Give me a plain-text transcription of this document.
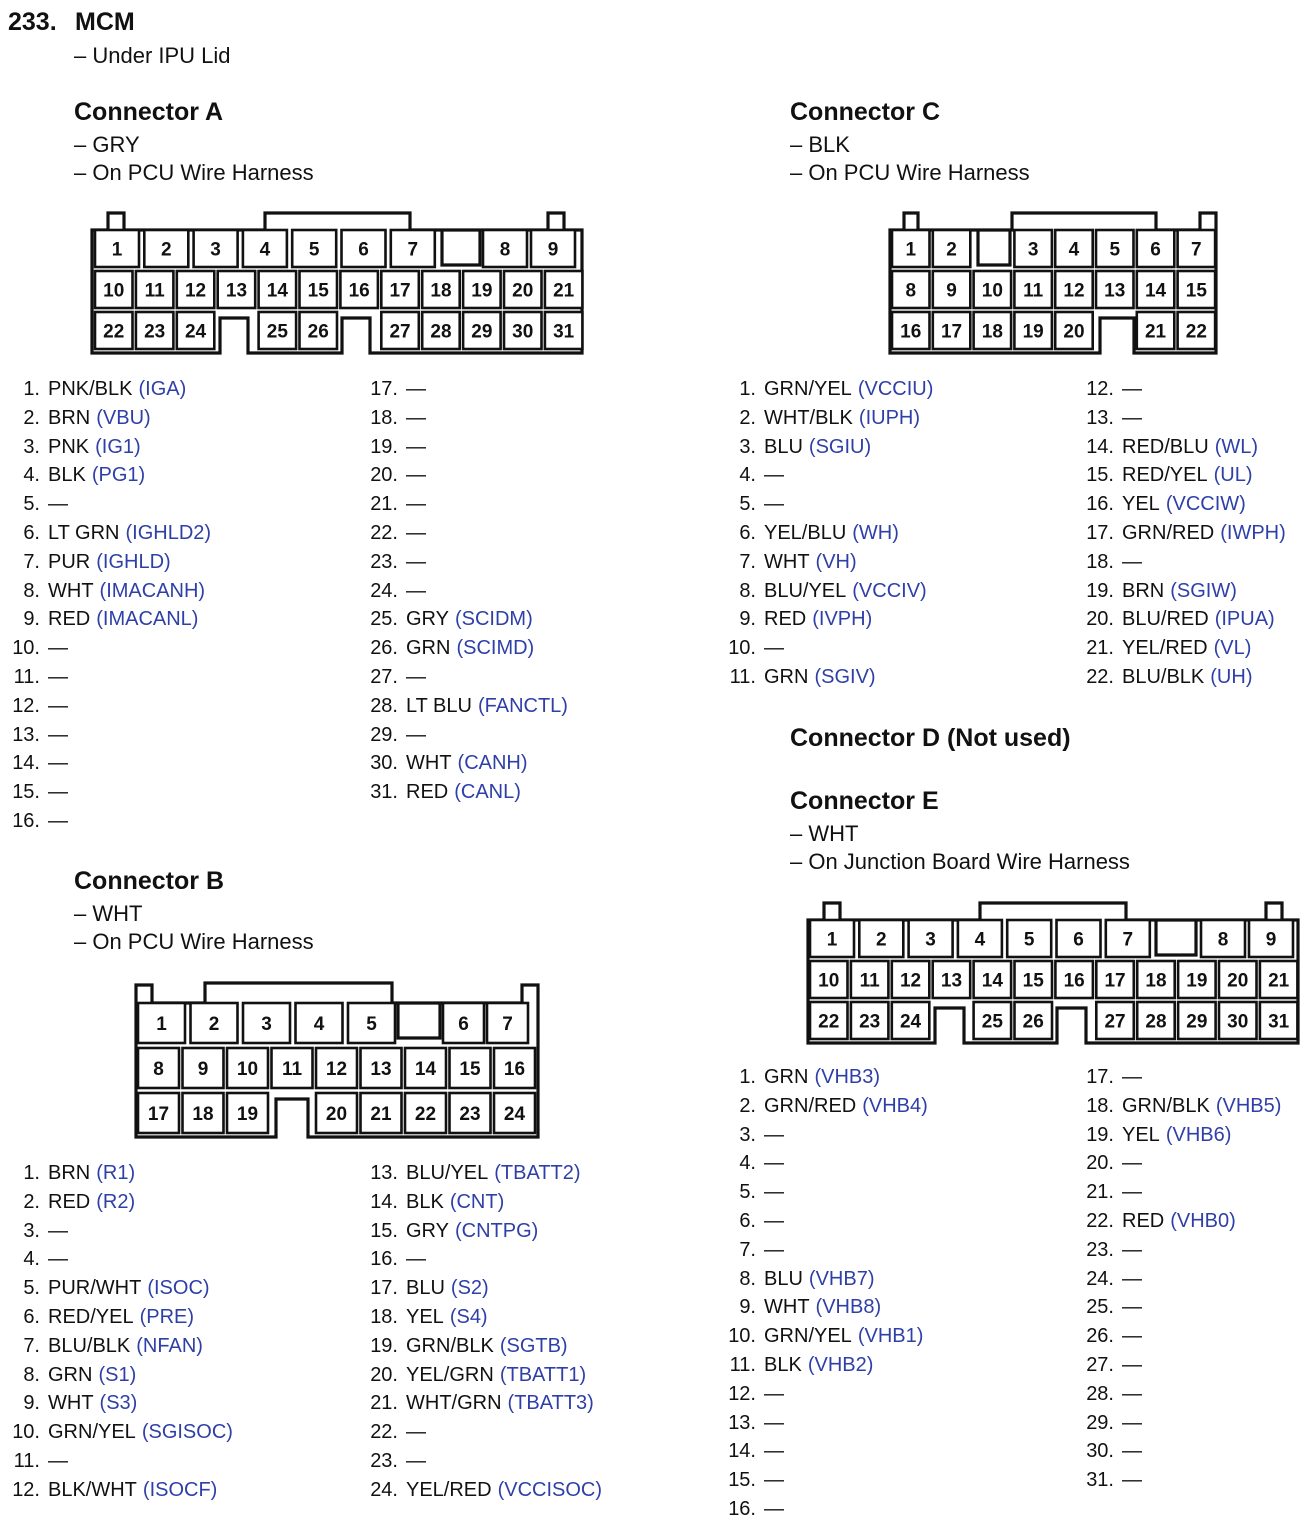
233. MCM
– Under IPU Lid
Connector A
– GRY
– On PCU Wire Harness
1 2 3 4 5 6 7	8 9
10 11 12 13 14 15 16 17 18 19 20 21
22 23 24	25 26	27 28 29 30 31
1. PNK/BLK (IGA)
2. BRN (VBU)
3. PNK (IG1)
4. BLK (PG1)
5. —
6. LT GRN (IGHLD2)
7. PUR (IGHLD)
8. WHT (IMACANH)
9. RED (IMACANL)
10. —
11. —
12. —
13. —
14. —
15. —
16. —
17. —
18. —
19. —
20. —
21. —
22. —
23. —
24. —
25. GRY (SCIDM)
26. GRN (SCIMD)
27. —
28. LT BLU (FANCTL)
29. —
30. WHT (CANH)
31. RED (CANL)
Connector B
– WHT
– On PCU Wire Harness
1 2 3 4 5	6 7
8 9 10 11 12 13 14 15 16
17 18 19	20 21 22 23 24
1. BRN (R1)
2. RED (R2)
3. —
4. —
5. PUR/WHT (ISOC)
6. RED/YEL (PRE)
7. BLU/BLK (NFAN)
8. GRN (S1)
9. WHT (S3)
10. GRN/YEL (SGISOC)
11. —
12. BLK/WHT (ISOCF)
13. BLU/YEL (TBATT2)
14. BLK (CNT)
15. GRY (CNTPG)
16. —
17. BLU (S2)
18. YEL (S4)
19. GRN/BLK (SGTB)
20. YEL/GRN (TBATT1)
21. WHT/GRN (TBATT3)
22. —
23. —
24. YEL/RED (VCCISOC)
Connector C
– BLK
– On PCU Wire Harness
1 2	3 4 5 6 7
8 9 10 11 12 13 14 15
16 17 18 19 20	21 22
1. GRN/YEL (VCCIU)
2. WHT/BLK (IUPH)
3. BLU (SGIU)
4. —
5. —
6. YEL/BLU (WH)
7. WHT (VH)
8. BLU/YEL (VCCIV)
9. RED (IVPH)
10. —
11. GRN (SGIV)
12. —
13. —
14. RED/BLU (WL)
15. RED/YEL (UL)
16. YEL (VCCIW)
17. GRN/RED (IWPH)
18. —
19. BRN (SGIW)
20. BLU/RED (IPUA)
21. YEL/RED (VL)
22. BLU/BLK (UH)
Connector D (Not used)
Connector E
– WHT
– On Junction Board Wire Harness
1 2 3 4 5 6 7	8 9
10 11 12 13 14 15 16 17 18 19 20 21
22 23 24	25 26	27 28 29 30 31
1. GRN (VHB3)
2. GRN/RED (VHB4)
3. —
4. —
5. —
6. —
7. —
8. BLU (VHB7)
9. WHT (VHB8)
10. GRN/YEL (VHB1)
11. BLK (VHB2)
12. —
13. —
14. —
15. —
16. —
17. —
18. GRN/BLK (VHB5)
19. YEL (VHB6)
20. —
21. —
22. RED (VHB0)
23. —
24. —
25. —
26. —
27. —
28. —
29. —
30. —
31. —
